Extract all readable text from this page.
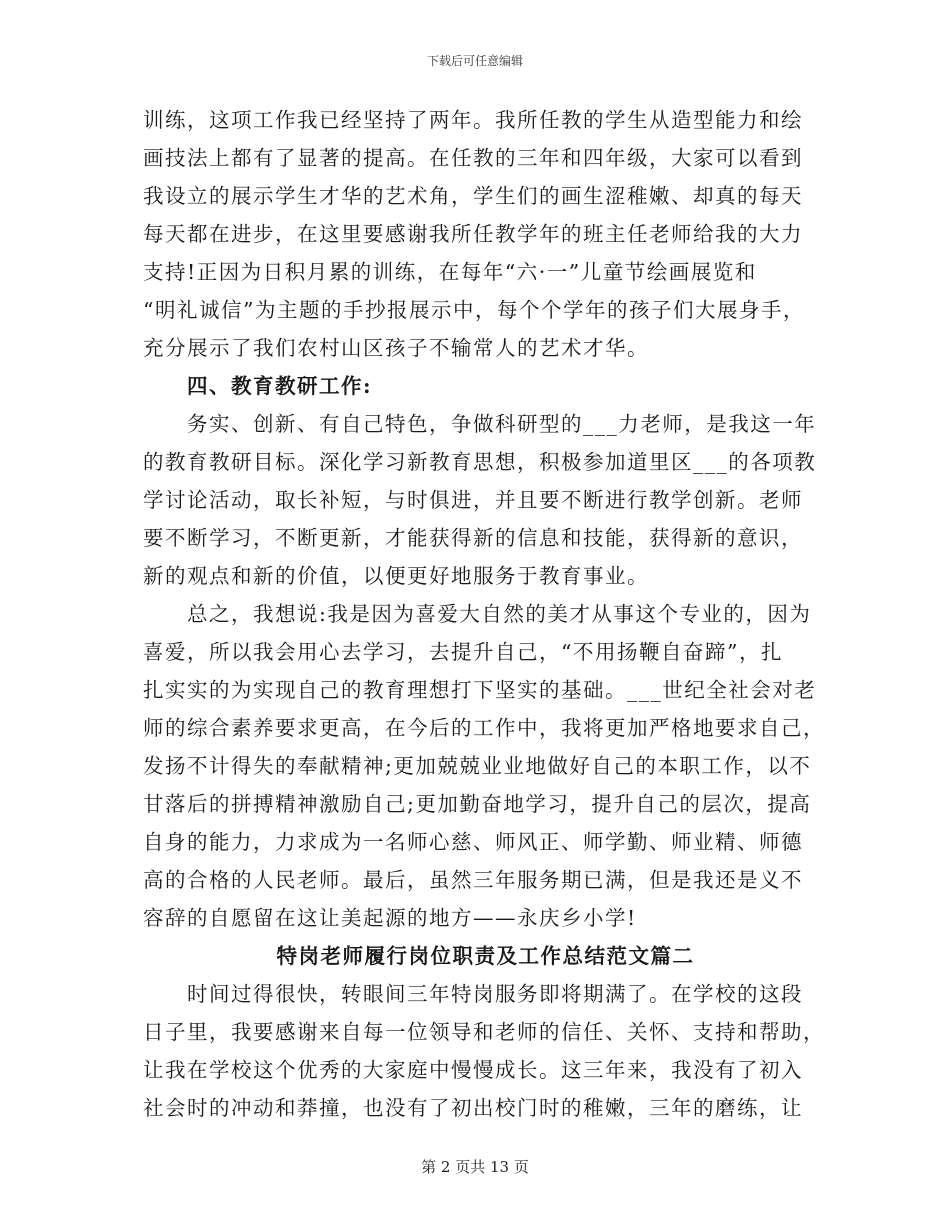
下载后可任意编辑
训练，这项工作我已经坚持了两年。我所任教的学生从造型能力和绘
画技法上都有了显著的提高。在任教的三年和四年级，大家可以看到
我设立的展示学生才华的艺术角，学生们的画生涩稚嫩、却真的每天
每天都在进步，在这里要感谢我所任教学年的班主任老师给我的大力
支持!正因为日积月累的训练，在每年“六·一”儿童节绘画展览和
“明礼诚信”为主题的手抄报展示中，每个个学年的孩子们大展身手，
充分展示了我们农村山区孩子不输常人的艺术才华。
四、教育教研工作:
务实、创新、有自己特色，争做科研型的___力老师，是我这一年
的教育教研目标。深化学习新教育思想，积极参加道里区___的各项教
学讨论活动，取长补短，与时俱进，并且要不断进行教学创新。老师
要不断学习，不断更新，才能获得新的信息和技能，获得新的意识，
新的观点和新的价值，以便更好地服务于教育事业。
总之，我想说:我是因为喜爱大自然的美才从事这个专业的，因为
喜爱，所以我会用心去学习，去提升自己，“不用扬鞭自奋蹄”，扎
扎实实的为实现自己的教育理想打下坚实的基础。___世纪全社会对老
师的综合素养要求更高，在今后的工作中，我将更加严格地要求自己，
发扬不计得失的奉献精神;更加兢兢业业地做好自己的本职工作，以不
甘落后的拼搏精神激励自己;更加勤奋地学习，提升自己的层次，提高
自身的能力，力求成为一名师心慈、师风正、师学勤、师业精、师德
高的合格的人民老师。最后，虽然三年服务期已满，但是我还是义不
容辞的自愿留在这让美起源的地方——永庆乡小学!
特岗老师履行岗位职责及工作总结范文篇二
时间过得很快，转眼间三年特岗服务即将期满了。在学校的这段
日子里，我要感谢来自每一位领导和老师的信任、关怀、支持和帮助，
让我在学校这个优秀的大家庭中慢慢成长。这三年来，我没有了初入
社会时的冲动和莽撞，也没有了初出校门时的稚嫩，三年的磨练，让
第 2 页共 13 页
